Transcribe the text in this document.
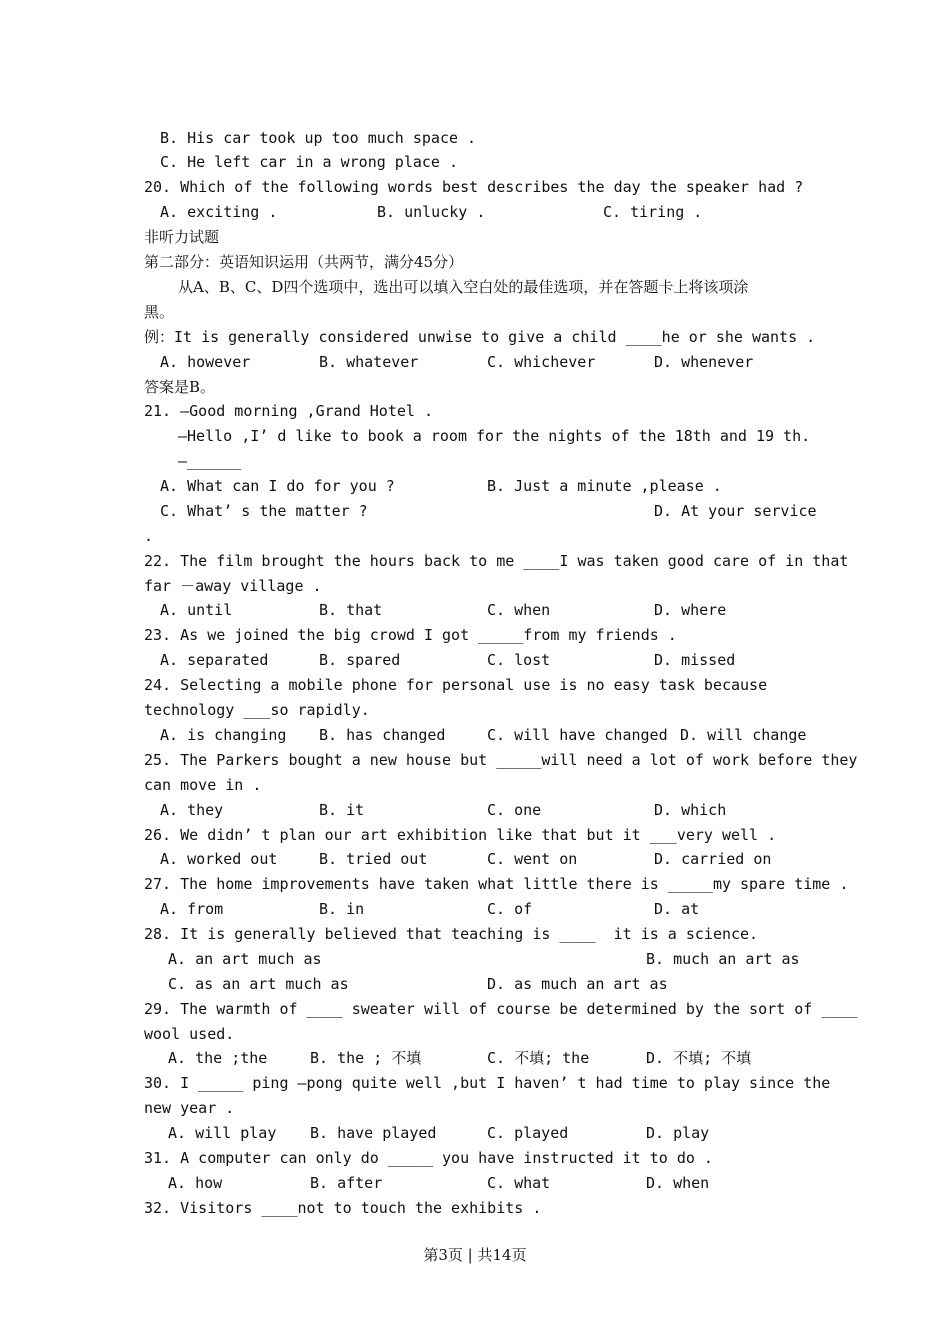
B. His car took up too much space .
C. He left car in a wrong place .
20. Which of the following words best describes the day the speaker had ?
A. exciting .	B. unlucky .	C. tiring .
非听力试题
第二部分：英语知识运用（共两节，满分45分）
从A、B、C、D四个选项中，选出可以填入空白处的最佳选项，并在答题卡上将该项涂
黑。
例：It is generally considered unwise to give a child ____he or she wants .
A. however	B. whatever	C. whichever	D. whenever
答案是B。
21. —Good morning ,Grand Hotel .
—Hello ,I’ d like to book a room for the nights of the 18th and 19 th.
—______
A. What can I do for you ?	B. Just a minute ,please .
C. What’ s the matter ?	D. At your service
.
22. The film brought the hours back to me ____I was taken good care of in that
far －away village .
A. until	B. that	C. when	D. where
23. As we joined the big crowd I got _____from my friends .
A. separated	B. spared	C. lost	D. missed
24. Selecting a mobile phone for personal use is no easy task because
technology ___so rapidly.
A. is changing B. has changed	C. will have changed D. will change
25. The Parkers bought a new house but _____will need a lot of work before they
can move in .
A. they	B. it	C. one	D. which
26. We didn’ t plan our art exhibition like that but it ___very well .
A. worked out	B. tried out	C. went on	D. carried on
27. The home improvements have taken what little there is _____my spare time .
A. from	B. in	C. of	D. at
28. It is generally believed that teaching is ____  it is a science.
A. an art much as	B. much an art as
C. as an art much as	D. as much an art as
29. The warmth of ____ sweater will of course be determined by the sort of ____
wool used.
A. the ;the	B. the ; 不填	C. 不填; the	D. 不填; 不填
30. I _____ ping —pong quite well ,but I haven’ t had time to play since the
new year .
A. will play B. have played	C. played	D. play
31. A computer can only do _____ you have instructed it to do .
A. how	B. after	C. what	D. when
32. Visitors ____not to touch the exhibits .
第3页 | 共14页
